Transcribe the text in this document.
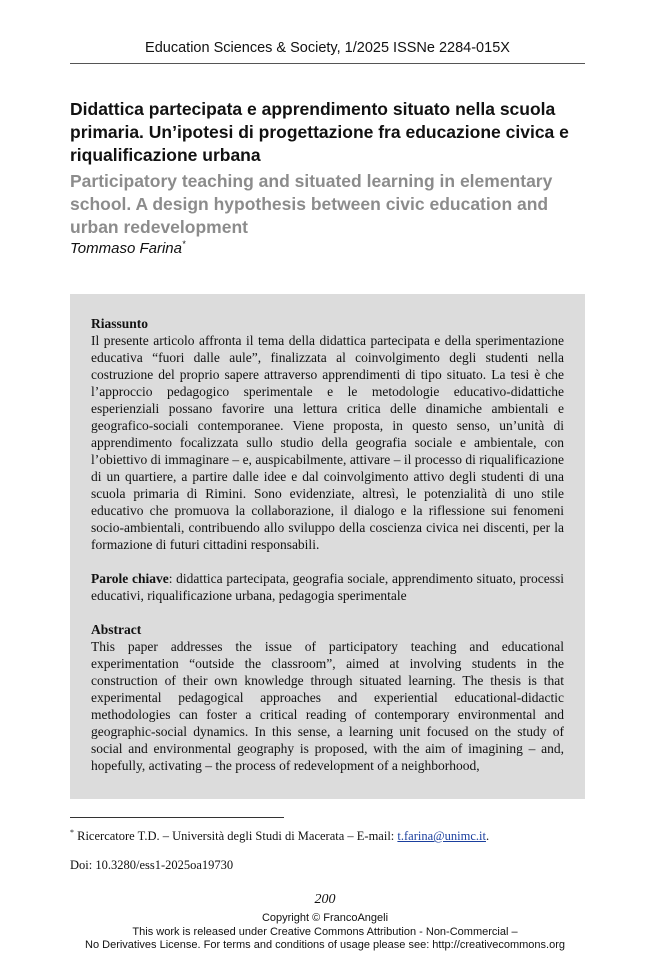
Education Sciences & Society, 1/2025 ISSNe 2284-015X
Didattica partecipata e apprendimento situato nella scuola primaria. Un’ipotesi di progettazione fra educazione civica e riqualificazione urbana
Participatory teaching and situated learning in elementary school. A design hypothesis between civic education and urban redevelopment
Tommaso Farina*

Riassunto

Il presente articolo affronta il tema della didattica partecipata e della sperimentazione educativa “fuori dalle aule”, finalizzata al coinvolgimento degli studenti nella costruzione del proprio sapere attraverso apprendimenti di tipo situato. La tesi è che l’approccio pedagogico sperimentale e le metodologie educativo-didattiche esperienziali possano favorire una lettura critica delle dinamiche ambientali e geografico-sociali contemporanee. Viene proposta, in questo senso, un’unità di apprendimento focalizzata sullo studio della geografia sociale e ambientale, con l’obiettivo di immaginare – e, auspicabilmente, attivare – il processo di riqualificazione di un quartiere, a partire dalle idee e dal coinvolgimento attivo degli studenti di una scuola primaria di Rimini. Sono evidenziate, altresì, le potenzialità di uno stile educativo che promuova la collaborazione, il dialogo e la riflessione sui fenomeni socio-ambientali, contribuendo allo sviluppo della coscienza civica nei discenti, per la formazione di futuri cittadini responsabili.

Parole chiave: didattica partecipata, geografia sociale, apprendimento situato, processi educativi, riqualificazione urbana, pedagogia sperimentale

Abstract

This paper addresses the issue of participatory teaching and educational experimentation “outside the classroom”, aimed at involving students in the construction of their own knowledge through situated learning. The thesis is that experimental pedagogical approaches and experiential educational-didactic methodologies can foster a critical reading of contemporary environmental and geographic-social dynamics. In this sense, a learning unit focused on the study of social and environmental geography is proposed, with the aim of imagining – and, hopefully, activating – the process of redevelopment of a neighborhood,

* Ricercatore T.D. – Università degli Studi di Macerata – E-mail: t.farina@unimc.it.
Doi: 10.3280/ess1-2025oa19730
200
Copyright © FrancoAngeli
This work is released under Creative Commons Attribution - Non-Commercial –
No Derivatives License. For terms and conditions of usage please see: http://creativecommons.org
